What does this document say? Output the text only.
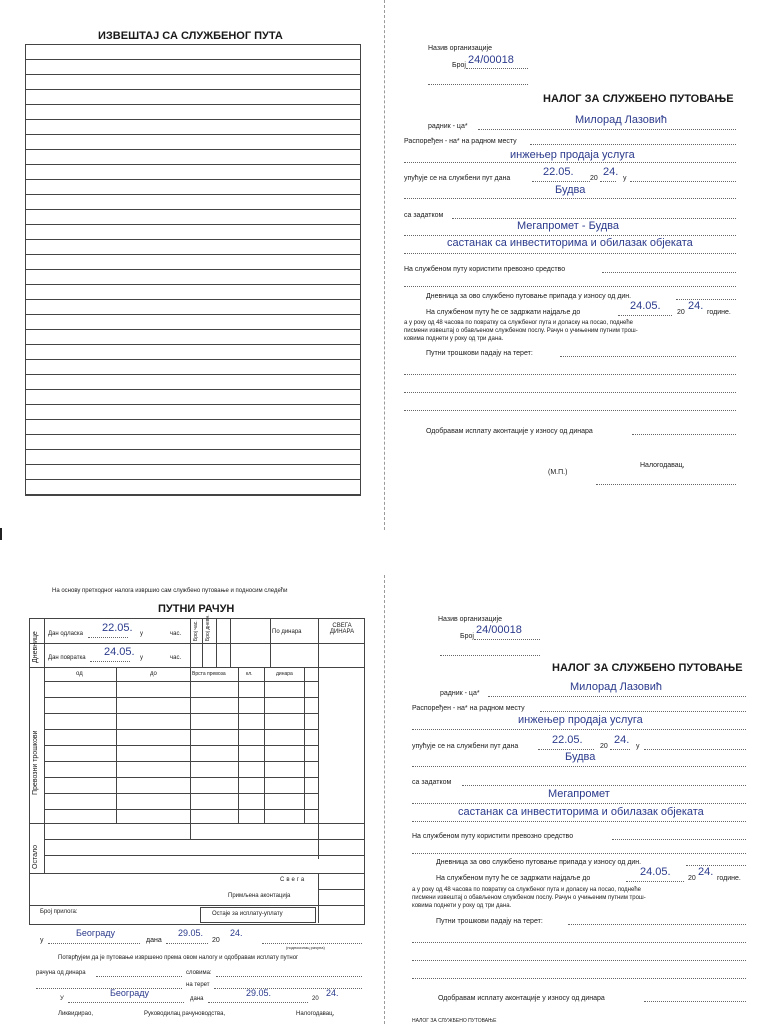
ИЗВЕШТАЈ СА СЛУЖБЕНОГ ПУТА
Назив организације
Број 24/00018
НАЛОГ ЗА СЛУЖБЕНО ПУТОВАЊЕ
радник - ца*
Милорад Лазовић
Распоређен - на* на радном месту
инжењер продаја услуга
упућује се на службени пут дана
22.05.
20
24.
у
Будва
са задатком
Мегапромет - Будва
састанак са инвеститорима и обилазак објеката
На службеном путу користити превозно средство
Дневница за ово службено путовање припада у износу од дин.
На службеном путу ће се задржати најдаље до
24.05.
20
24.
године.
а у року од 48 часова по повратку са службеног пута и доласку на посао, поднеће
писмени извештај о обављеном службеном послу. Рачун о учињеним путним трош-
ковима поднети у року од три дана.
Путни трошкови падају на терет:
Одобравам исплату аконтације у износу од динара
(М.П.)
Налогодавац,
На основу претходног налога извршио сам службено путовање и подносим следећи
ПУТНИ РАЧУН
Дневнице Дан одласка 22.05. у	час.
Дан повратка 24.05. у	час.
Број час. Број дневн.	По динара
СВЕГА ДИНАРА
од	до	Врста превоза	кл.	динара
Превозни трошкови
Остало
Свега
Примљена аконтација
Број прилога:	Остаје за исплату-уплату
у
Београду
дана
29.05.
20
24.
(подносилац рачуна)
Потврђујем да је путовање извршено према овом налогу и одобравам исплату путног
рачуна од динара	словима:
на терет
У
Београду
дана
29.05.
20
24.
Ликвидирао,	Руководилац рачуноводства,	Налогодавац,
Назив организације
Број
24/00018
НАЛОГ ЗА СЛУЖБЕНО ПУТОВАЊЕ
радник - ца*
Милорад Лазовић
Распоређен - на* на радном месту
инжењер продаја услуга
упућује се на службени пут дана
22.05.
20
24.
у
Будва
са задатком
Мегапромет
састанак са инвеститорима и обилазак објеката
На службеном путу користити превозно средство
Дневница за ово службено путовање припада у износу од дин.
На службеном путу ће се задржати најдаље до
24.05.
20
24.
године.
а у року од 48 часова по повратку са службеног пута и доласку на посао, поднеће
писмени извештај о обављеном службеном послу. Рачун о учињеним путним трош-
ковима поднети у року од три дана.
Путни трошкови падају на терет:
Одобравам исплату аконтације у износу од динара
НАЛОГ ЗА СЛУЖБЕНО ПУТОВАЊЕ
